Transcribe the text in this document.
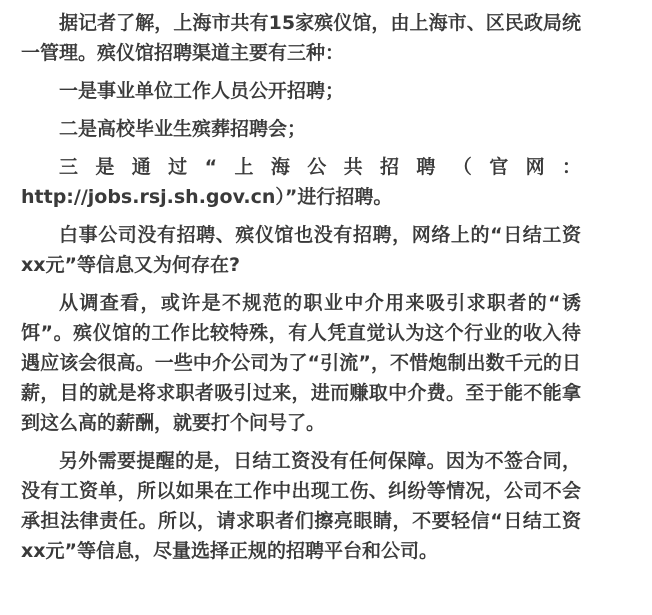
据记者了解，上海市共有15家殡仪馆，由上海市、区民政局统一管理。殡仪馆招聘渠道主要有三种：

一是事业单位工作人员公开招聘；

二是高校毕业生殡葬招聘会；

三是通过“上海公共招聘（官网：http://jobs.rsj.sh.gov.cn）”进行招聘。

白事公司没有招聘、殡仪馆也没有招聘，网络上的“日结工资xx元”等信息又为何存在?

从调查看，或许是不规范的职业中介用来吸引求职者的“诱饵”。殡仪馆的工作比较特殊，有人凭直觉认为这个行业的收入待遇应该会很高。一些中介公司为了“引流”，不惜炮制出数千元的日薪，目的就是将求职者吸引过来，进而赚取中介费。至于能不能拿到这么高的薪酬，就要打个问号了。

另外需要提醒的是，日结工资没有任何保障。因为不签合同，没有工资单，所以如果在工作中出现工伤、纠纷等情况，公司不会承担法律责任。所以，请求职者们擦亮眼睛，不要轻信“日结工资xx元”等信息，尽量选择正规的招聘平台和公司。
